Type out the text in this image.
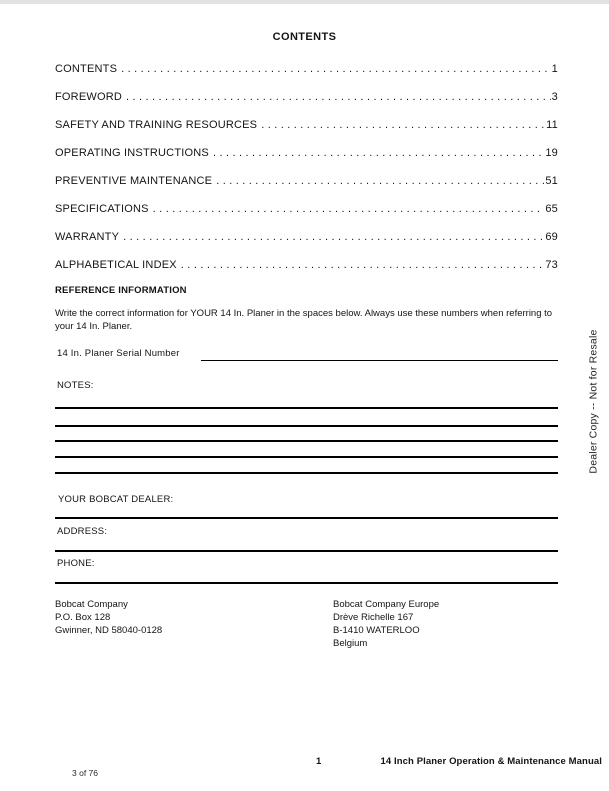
CONTENTS
CONTENTS . . .	1
FOREWORD . . .	3
SAFETY AND TRAINING RESOURCES . . .	11
OPERATING INSTRUCTIONS . . .	19
PREVENTIVE MAINTENANCE . . .	51
SPECIFICATIONS . . .	65
WARRANTY . . .	69
ALPHABETICAL INDEX . . .	73
REFERENCE INFORMATION
Write the correct information for YOUR 14 In. Planer in the spaces below. Always use these numbers when referring to your 14 In. Planer.
14 In. Planer Serial Number
NOTES:
YOUR BOBCAT DEALER:
ADDRESS:
PHONE:
Bobcat Company
P.O. Box 128
Gwinner, ND 58040-0128
Bobcat Company Europe
Drève Richelle 167
B-1410 WATERLOO
Belgium
Dealer Copy -- Not for Resale
1	14 Inch Planer Operation & Maintenance Manual
3 of 76
